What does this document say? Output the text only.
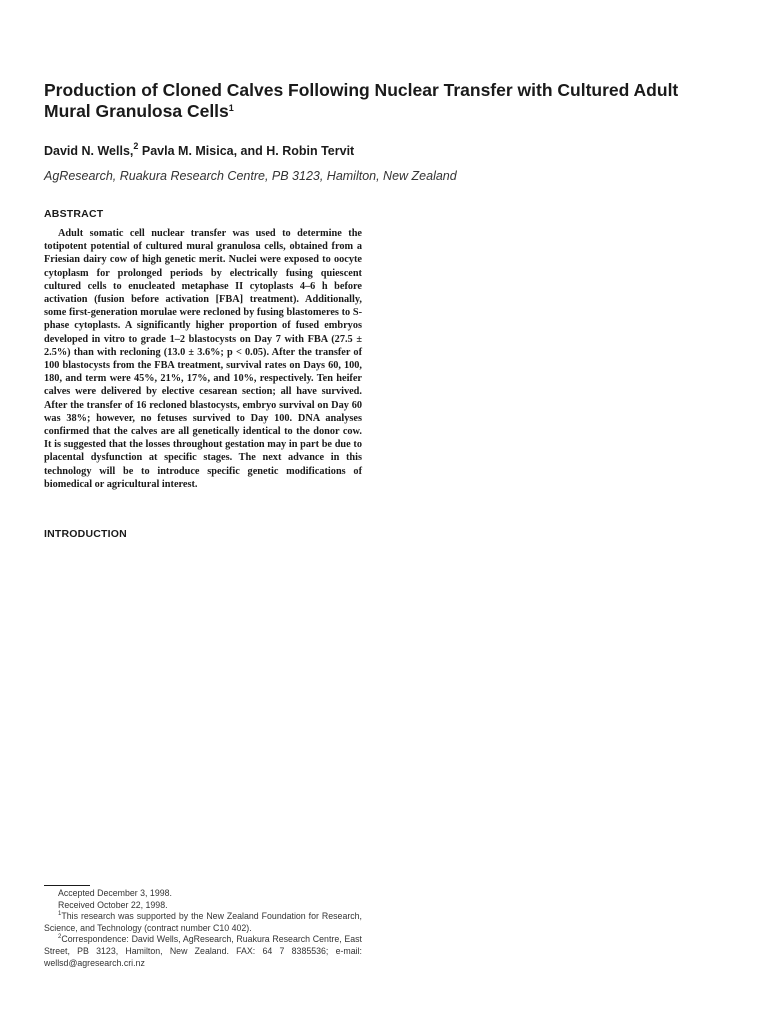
Production of Cloned Calves Following Nuclear Transfer with Cultured Adult Mural Granulosa Cells$^1$
David N. Wells,$^2$ Pavla M. Misica, and H. Robin Tervit
AgResearch, Ruakura Research Centre, PB 3123, Hamilton, New Zealand
ABSTRACT

Adult somatic cell nuclear transfer was used to determine the totipotent potential of cultured mural granulosa cells, obtained from a Friesian dairy cow of high genetic merit. Nuclei were exposed to oocyte cytoplasm for prolonged periods by electrically fusing quiescent cultured cells to enucleated metaphase II cytoplasts 4–6 h before activation (fusion before activation [FBA] treatment). Additionally, some first-generation morulae were recloned by fusing blastomeres to S-phase cytoplasts. A significantly higher proportion of fused embryos developed in vitro to grade 1–2 blastocysts on Day 7 with FBA (27.5 ± 2.5%) than with recloning (13.0 ± 3.6%; p < 0.05). After the transfer of 100 blastocysts from the FBA treatment, survival rates on Days 60, 100, 180, and term were 45%, 21%, 17%, and 10%, respectively. Ten heifer calves were delivered by elective cesarean section; all have survived. After the transfer of 16 recloned blastocysts, embryo survival on Day 60 was 38%; however, no fetuses survived to Day 100. DNA analyses confirmed that the calves are all genetically identical to the donor cow. It is suggested that the losses throughout gestation may in part be due to placental dysfunction at specific stages. The next advance in this technology will be to introduce specific genetic modifications of biomedical or agricultural interest.

INTRODUCTION
Accepted December 3, 1998.
Received October 22, 1998.
$^1$This research was supported by the New Zealand Foundation for Research, Science, and Technology (contract number C10 402).
$^2$Correspondence: David Wells, AgResearch, Ruakura Research Centre, East Street, PB 3123, Hamilton, New Zealand. FAX: 64 7 8385536; e-mail: wellsd@agresearch.cri.nz
